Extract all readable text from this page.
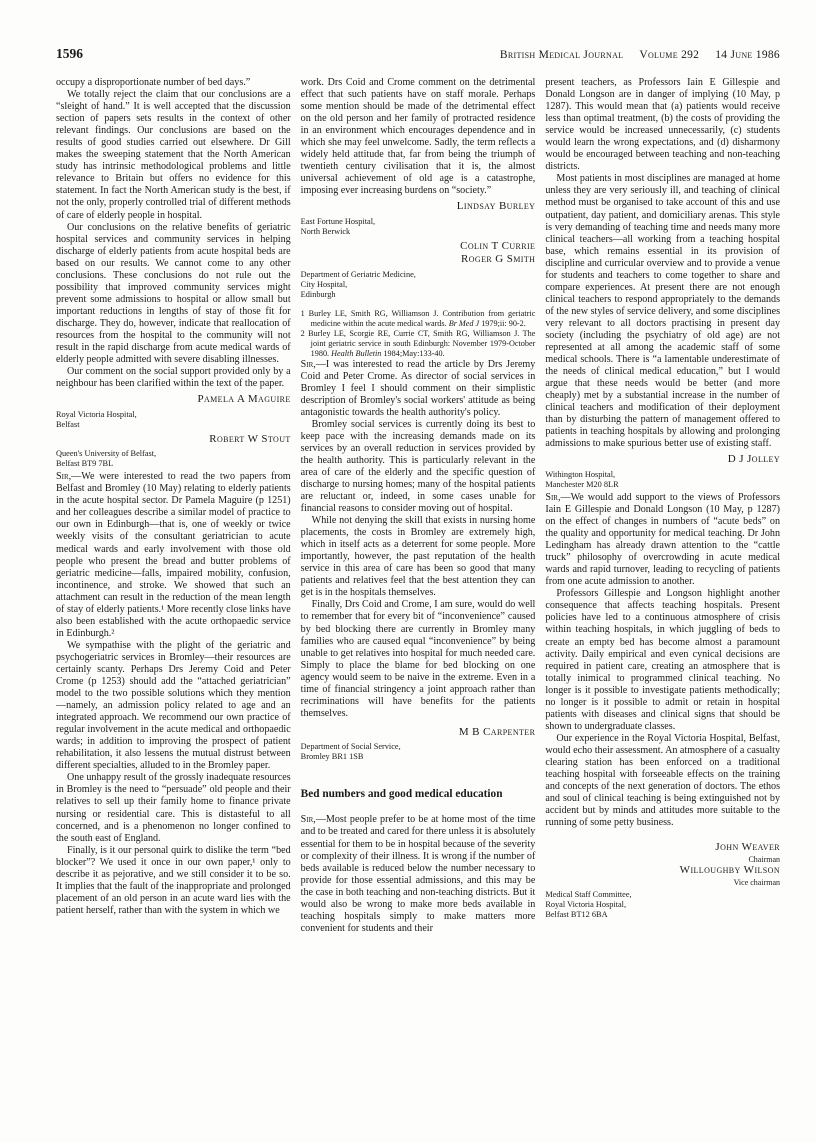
1596	British Medical Journal Volume 292 14 June 1986

occupy a disproportionate number of bed days.”

We totally reject the claim that our conclusions are a “sleight of hand.” It is well accepted that the discussion section of papers sets results in the context of other relevant findings. Our conclusions are based on the results of good studies carried out elsewhere. Dr Gill makes the sweeping statement that the North American study has intrinsic methodological problems and little relevance to Britain but offers no evidence for this statement. In fact the North American study is the best, if not the only, properly controlled trial of different methods of care of elderly people in hospital.

Our conclusions on the relative benefits of geriatric hospital services and community services in helping discharge of elderly patients from acute hospital beds are based on our results. We cannot come to any other conclusions. These conclusions do not rule out the possibility that improved community services might prevent some admissions to hospital or allow small but important reductions in lengths of stay of those fit for discharge. They do, however, indicate that reallocation of resources from the hospital to the community will not result in the rapid discharge from acute medical wards of elderly people admitted with severe disabling illnesses.

Our comment on the social support provided only by a neighbour has been clarified within the text of the paper.

Pamela A Maguire
Royal Victoria Hospital,
Belfast
Robert W Stout
Queen's University of Belfast,
Belfast BT9 7BL

Sir,—We were interested to read the two papers from Belfast and Bromley (10 May) relating to elderly patients in the acute hospital sector. Dr Pamela Maguire (p 1251) and her colleagues describe a similar model of practice to our own in Edinburgh—that is, one of weekly or twice weekly visits of the consultant geriatrician to acute medical wards and early involvement with those old people who present the bread and butter problems of geriatric medicine—falls, impaired mobility, confusion, incontinence, and stroke. We showed that such an attachment can result in the reduction of the mean length of stay of elderly patients.¹ More recently close links have also been established with the acute orthopaedic service in Edinburgh.²

We sympathise with the plight of the geriatric and psychogeriatric services in Bromley—their resources are certainly scanty. Perhaps Drs Jeremy Coid and Peter Crome (p 1253) should add the “attached geriatrician” model to the two possible solutions which they mention—namely, an admission policy related to age and an integrated approach. We recommend our own practice of regular involvement in the acute medical and orthopaedic wards; in addition to improving the prospect of patient rehabilitation, it also lessens the mutual distrust between different specialties, alluded to in the Bromley paper.

One unhappy result of the grossly inadequate resources in Bromley is the need to “persuade” old people and their relatives to sell up their family home to finance private nursing or residential care. This is distasteful to all concerned, and is a phenomenon no longer confined to the south east of England.

Finally, is it our personal quirk to dislike the term “bed blocker”? We used it once in our own paper,¹ only to describe it as pejorative, and we still consider it to be so. It implies that the fault of the inappropriate and prolonged placement of an old person in an acute ward lies with the patient herself, rather than with the system in which we

work. Drs Coid and Crome comment on the detrimental effect that such patients have on staff morale. Perhaps some mention should be made of the detrimental effect on the old person and her family of protracted residence in an environment which encourages dependence and in which she may feel unwelcome. Sadly, the term reflects a widely held attitude that, far from being the triumph of twentieth century civilisation that it is, the almost universal achievement of old age is a catastrophe, imposing ever increasing burdens on “society.”

Lindsay Burley
East Fortune Hospital,
North Berwick
Colin T Currie
Roger G Smith
Department of Geriatric Medicine,
City Hospital,
Edinburgh

1 Burley LE, Smith RG, Williamson J. Contribution from geriatric medicine within the acute medical wards. Br Med J 1979;ii: 90-2.

2 Burley LE, Scorgie RE, Currie CT, Smith RG, Williamson J. The joint geriatric service in south Edinburgh: November 1979-October 1980. Health Bulletin 1984;May:133-40.

Sir,—I was interested to read the article by Drs Jeremy Coid and Peter Crome. As director of social services in Bromley I feel I should comment on their simplistic description of Bromley's social workers' attitude as being antagonistic towards the health authority's policy.

Bromley social services is currently doing its best to keep pace with the increasing demands made on its services by an overall reduction in services provided by the health authority. This is particularly relevant in the area of care of the elderly and the specific question of discharge to nursing homes; many of the hospital patients are reluctant or, indeed, in some cases unable for financial reasons to consider moving out of hospital.

While not denying the skill that exists in nursing home placements, the costs in Bromley are extremely high, which in itself acts as a deterrent for some people. More importantly, however, the past reputation of the health service in this area of care has been so good that many patients and relatives feel that the best attention they can get is in the hospitals themselves.

Finally, Drs Coid and Crome, I am sure, would do well to remember that for every bit of “inconvenience” caused by bed blocking there are currently in Bromley many families who are caused equal “inconvenience” by being unable to get relatives into hospital for much needed care. Simply to place the blame for bed blocking on one agency would seem to be naive in the extreme. Even in a time of financial stringency a joint approach rather than recriminations will have benefits for the patients themselves.

M B Carpenter
Department of Social Service,
Bromley BR1 1SB
Bed numbers and good medical education

Sir,—Most people prefer to be at home most of the time and to be treated and cared for there unless it is absolutely essential for them to be in hospital because of the severity or complexity of their illness. It is wrong if the number of beds available is reduced below the number necessary to provide for those essential admissions, and this may be the case in both teaching and non-teaching districts. But it would also be wrong to make more beds available in teaching hospitals simply to make matters more convenient for students and their

present teachers, as Professors Iain E Gillespie and Donald Longson are in danger of implying (10 May, p 1287). This would mean that (a) patients would receive less than optimal treatment, (b) the costs of providing the service would be increased unnecessarily, (c) students would learn the wrong expectations, and (d) disharmony would be encouraged between teaching and non-teaching districts.

Most patients in most disciplines are managed at home unless they are very seriously ill, and teaching of clinical method must be organised to take account of this and use outpatient, day patient, and domiciliary arenas. This style is very demanding of teaching time and needs many more clinical teachers—all working from a teaching hospital base, which remains essential in its provision of discipline and curricular overview and to provide a venue for students and teachers to come together to share and compare experiences. At present there are not enough clinical teachers to respond appropriately to the demands of the new styles of service delivery, and some disciplines very relevant to all doctors practising in present day society (including the psychiatry of old age) are not represented at all among the academic staff of some medical schools. There is “a lamentable underestimate of the needs of clinical medical education,” but I would argue that these needs would be better (and more cheaply) met by a substantial increase in the number of clinical teachers and modification of their deployment than by disturbing the pattern of management offered to patients in teaching hospitals by allowing and prolonging admissions to make spurious better use of existing staff.

D J Jolley
Withington Hospital,
Manchester M20 8LR

Sir,—We would add support to the views of Professors Iain E Gillespie and Donald Longson (10 May, p 1287) on the effect of changes in numbers of “acute beds” on the quality and opportunity for medical teaching. Dr John Ledingham has already drawn attention to the “cattle truck” philosophy of overcrowding in acute medical wards and rapid turnover, leading to recycling of patients from one acute admission to another.

Professors Gillespie and Longson highlight another consequence that affects teaching hospitals. Present policies have led to a continuous atmosphere of crisis within teaching hospitals, in which juggling of beds to create an empty bed has become almost a paramount activity. Daily empirical and even cynical decisions are required in patient care, creating an atmosphere that is totally inimical to programmed clinical teaching. No longer is it possible to investigate patients methodically; no longer is it possible to admit or retain in hospital patients with diseases and clinical signs that should be shown to undergraduate classes.

Our experience in the Royal Victoria Hospital, Belfast, would echo their assessment. An atmosphere of a casualty clearing station has been enforced on a traditional teaching hospital with forseeable effects on the training and concepts of the next generation of doctors. The ethos and soul of clinical teaching is being extinguished not by accident but by minds and attitudes more suitable to the running of some petty business.

John Weaver
Chairman
Willoughby Wilson
Vice chairman
Medical Staff Committee,
Royal Victoria Hospital,
Belfast BT12 6BA
